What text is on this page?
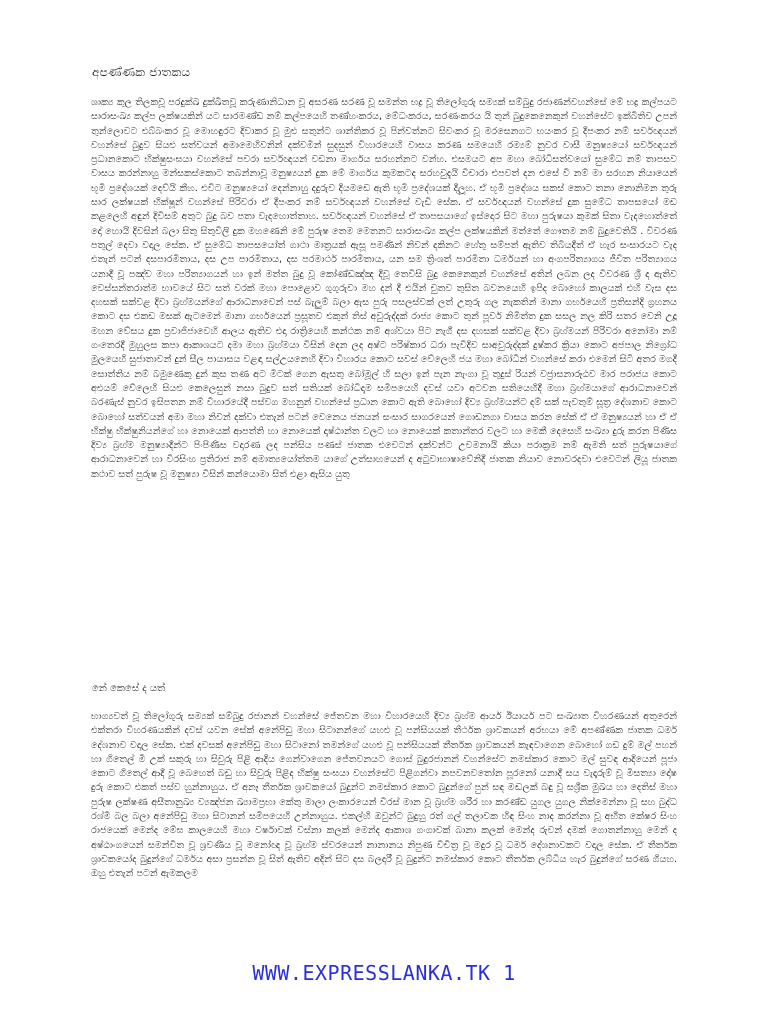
අපණ්ණක ජාතකය

ශාක්‍ය කුල තිලකවූ පරදුක්ඛ දුක්ඛිතවූ කරුණානිධාන වූ අසරණ සරණ වූ සමන්ත භද්‍ර වූ තිලෝගුරු සම්‍යක් සම්බුදු රජාණන්වහන්සේ මේ භද්‍ර කල්පයට සාරාසංඛ්‍ය කල්ප ලක්ෂයකින් යට සාරමණ්ඩ නම් කල්පයෙහි තණ්හංකරය, මේධංකරය, සරණංකරය යි තුන් බුදුකෙනෙකුන් වහන්සේට ඉක්බිතිව උපන් තුන්ලොවට එබ්බංකර වූ මොහඳුරට දිවාකර වූ මුළු සතුන්ට ශාන්තිකර වූ පින්වත්නට සිවංකර වූ මරසෙනගට භයංකර වූ දීපංකර නම් සර්වඥයන් වහන්සේ බුදුව සියළු සත්වයන් අමාමෙහිවනින් දක්වමින් සුදසුන් විහාරයෙහි වාසය කරණ සමයෙහි රම්‍යම් නුවර වාසී මනුෂ්‍යයෝ සර්වඥයන් ප්‍රධානකොට භික්ෂුසංඝයා වහන්සේ පවරා සර්වඥයන් වඩනා මාර්ගය සරහන්නට වන්හ. එසමයට අප මහා බෝධිසත්වයෝ සුමේධ නම් තාපසව වාසය කරන්නාහු මන්සකස්කොට තබන්නාවූ මනුෂ්‍යයන් දුක මේ මාර්ගය කුමකටද සරහවුදැයි විචාරා එපවත් දන එසේ වී නම් මා සරහන නියායෙන් භූමි ප්‍රදේශයක් දෙව්යි කීහ. එවිට මනුෂ්‍යයෝ දෙන්නාහු දදුරුව දියමඩෙ ඇති භූමි ප්‍රදේශයක් දීලූහ. ඒ භූමි ප්‍රදේශය සකස් කොට තනා නොනිමන තුරු සාර ලක්ෂයක් භික්ෂූන් වහන්සේ පිරිවරා ඒ දීපංකර නම් සර්වඥයන් වහන්සේ වැඩි සේක. ඒ සර්වඥයන් වහන්සේ දුක සුමේධ තාපසයෝ මඩ කළලෙහි අඳුන් දිවිසම් අතුට බුදු බව පතා වැදහොත්තාහ. සර්වඥයන් වහන්සේ ඒ තාපසයාගේ ඉස්දොර සිට මහා පුරුෂයා කුමක් සිතා වැදහොත්තේ දෝ හොයි දිවසින් බලා සිතු සිතුවිලි දුක මහණෙනි මේ පුරුෂ තෙම මෙතනට සාරාසංඛ්‍ය කල්ප ලක්ෂයකින් මත්තේ ගෞතම නම් බුදුවෙතියි . විවරණ පතුල් දෙවා වදාල සේක. ඒ සුමේධ තාපසයෝත් ගාථා මාත්‍රයක් ඇසූ පමණින් නිවන් දකිනට හේතු සම්පත් ඇතිව තිබියදීත් ඒ හැර සංසාරයට වැද එතැන් පටන් දසපාරමිතාය, දස උප පාරමිතාය, දස පරමාර්ථ පාරමිතාය, යන සම ත්‍රිංශත් පාරමිතා ධර්මයන් හා අංගපරිත්‍යාගය ජීවිත පරිත්‍යාගය යනාදී වූ පඤ්ච මහා පරිත්‍යාගයන් හා ඉන් මත්‍ත බුදු වූ කෝණ්ඩඤ්ඤ දිවූ තෙවිසි බුදු කෙනෙකුන් වහන්සේ අතින් ලබන ලද විවරණ ශ්‍රී ද ඇතිව වෙස්සන්තරාත්ම භාවයේ සිට සත් වරක් මහා පොළොව ගුගුරුවා මහ දන් දී එයින් චුතව තුසිත බවනයෙහි ඉපිද බොහෝ කාලයක් එහි වැස දස දහසක් සක්වළ දිවා බ්‍රහ්මයන්ගේ ආරාධනාවෙන් පස් බැලුම් බලා ඇස පුරු පසලස්වක් ලත් උතුරු ගල නැකතින් මානා ගර්භයෙහි ප්‍රතිසන්දි ග්‍රහනය කොට දස එකඩ මසක් ඇටමෙන් මානා ගර්භයෙන් ප්‍රසූතව එකුන් තිස් අවුරුද්දක් රාජ්‍ය කොට තුන් පූර්ව නිමිත්ත දුක සසල නල කිරි සතර වෙනි උදූ මහන වේසය දුක ප්‍රවාජිජාවෙහි ආලය ඇතිව එදා රාත්‍රියෙහි කන්ථක නම් අශ්වයා පිට නැගී දස දහසක් සක්වළ දිවා බ්‍රහ්මයන් පිරිවරා අනෝමා නම් ගංතෙරදී මුහුලස කපා ආකාශයට දමා මහා බ්‍රහ්මයා විසින් දෙන ලද අෂ්ට පරිෂ්කාර ධරා පැවිදිව සාඅවුරුද්දක් දුෂ්කර ක්‍රියා කොට අජපාල නිග්‍රෝධ මුලයෙහි සුජාතාවන් දුන් සීල පායාසය වළඳා සල්උයනෙහි දිවා විහාරය කොට සවස් වේලෙහි ජය මහා බෝධීන් වහන්සේ කරා එමෙන් සිටි අතර මගදී සොත්තිය නම් බමුණෙකු දුන් කුස තණ අට මිටක් ගෙන ඇසතු බෝමූල් හි සලා ඉන් පැන නැංගා වූ තුදුස් රියන් වජ්‍රාසනාරූඨව මාර පරාජය කොට අඑයම් වේලෙහි සියළු කෙලෙසුන් නසා බුදුව සත් සතියක් බෝධිද්‍රුම සමීපයෙහි දවස් යවා අටවන සතියෙහිදී මහා බ්‍රහ්මයාගේ ආරාධනාවෙන් බරණැස් නුවර ඉසිපතන නම් විහාරයේදී පස්වග මහනුන් වහන්සේ ප්‍රධාන කොට ඇති බොහෝ දිව්‍ය බ්‍රහ්මයන්ට දම් සක් පැවතුම් සූත්‍ර දේශනාව කොට බොහෝ සත්වයන් අමා මහා නිවන් දක්වා එතැන් පටන් වෙනෙය ජනයන් සංසාර සාගරයෙන් ගොඩනගා වාසය කරන සේක් ඒ ඒ මනුෂ්‍යයන් හා ඒ ඒ භික්ෂු භික්ෂුනියන්ගේ හා නොයෙක් ආපත්ති හා නොයෙක් දෘෂ්ඨාන්ත වලට හා නොයෙක් කතාන්තර වලට හා මෙකී දෙසෙහි සංඛ්‍යා දුරු කරන පිණිස දිව්‍ය බ්‍රහ්ම මනුෂ්‍යාදීන්ට පිංපිණිස වදාරණ ලද පන්සිය පණස් ජාතක එවෙටන් දක්වන්ට උවමනායි කියා පරාක්‍රම නම් ඇමති සත් පුරුෂයාගේ ආරාධනාවෙන් හා විරසිංහ ප්‍රතිරාජ නම් අමාත්‍යයෝත්තම යාගේ උත්සාහයෙන් ද අටුවාභාෂාවේනිදී ජාතක නියාව නොවරදවා එවෙටන් ලියූ ජාතක කථාව සත් පුරුෂ වූ මනුෂ්‍යා විසින් කන්යොමා සිත් එළා ඇසිය යුතු

නේ කෙසේ ද යත්

භාග්‍යවත් වූ තිලෝගුරු සම්‍යක් සම්බුදු රජානන් වහන්සේ ජේතවන මහා විහාරයෙහි දිව්‍ය බ්‍රහ්ම ආර්ය ඊයාර්ය පට සංඛ්‍යාත විහරණයන් අතුරෙන් එක්තරා විහරණයකින් දවස් යවන සේක් අනේපිඩු මහා සිටානන්ගේ යහළු වූ පන්සියයක් තීර්ථක ශ්‍රාවකයන් අරභයා මේ අපණ්ණක ජාතක ධර්ම දේශනාව වදාල සේක. එක් දවසක් අනේපිඩු මහා සිටානෝ තමන්ගේ යහළු වූ පන්සියයක් තීර්තක ශ්‍රාවකයන් කැඳවාගෙන බොහෝ ගඩ දුම් මල් පහන් හා ගිතෙල් මී උක් සකුරු හා සිවුරු පිළි ආදිය ගෙන්වාගෙන ජේතවනයට ගොස් බුදුරජානන් වහන්සේට නමස්කාර කොට මල් සුවඳ ආදියෙන් පූජා කොට ගිතෙල් ආදී වූ බෙහෙත් බඩු හා සිවුරු පිළිද භික්ෂු සංඝයා වහන්සේට පිළිගන්වා නපවනවතෝන පූරනෝ යනාදී සය වැදෑරුම් වූ මිසත්‍යා දෝෂ දුරු කොට එකත් පස්ව හුන්නාහුය. ඒ අනෑ තීර්තක ශ්‍රාවකයෝ බුදුන්ට නමස්කාර කොට බුදුන්ගේ පුන් සඳ මඬලක් බඳු වූ සශ්‍රීක මුඛය හා දෙතිස් මහා පුරුෂ ලක්ෂණ අසීතානුඛ්‍ය ව්‍යඤ්ජන ඛ්‍යාමප්‍රභා කේතු මාලා ලංකාරයෙන් විරස් මාන වූ බ්‍රහ්ම ශරීර හා කරණ්ඩ යුගල යුගල නික්මෙන්නා වූ සහ බුද්ධ රශ්මී බල බලා අනේපිඩු මහා සිටානන් සමීපයෙහි උන්නාහුය. එකල්හි ඔවුන්ට බුදුහු රත් ගල් තලාවක හිඳ සිංහ නාද කරන්නා වූ අභීත කේෂර සිංහ රාජයෙක් මෙන්ද මේඝ කාලයෙහි මහා වර්ෂාවක් වස්නා කලක් මෙන්ද ආකාශ ගංගාවක් බානා කලක් මෙන්ද රුවන් දමක් ගොතන්නාහු මෙන් ද අෂ්ඨාංගයෙන් සමන්විත වූ ශ්‍රවණීය වූ මනෝඥ වූ බ්‍රහ්ම ස්වරයෙන් නානානය නිපුණ විචිත්‍ර වූ මදුර වූ ධර්ම දේශනාවකට වදාල සේක. ඒ තීර්තක ශ්‍රාවකයෝද බුදුන්ගේ ධර්මය අසා ප්‍රසන්න වූ සිත් ඇතිව අදින් සිට දස බලදාරී වූ බුදුන්ට නමස්කාර කොට තීර්තක ලබ්ධිය හැර බුදුන්ගේ සරණ ගියහ. ඔහු එතැන් පටන් ඇමකලම

WWW.EXPRESSLANKA.TK 1
